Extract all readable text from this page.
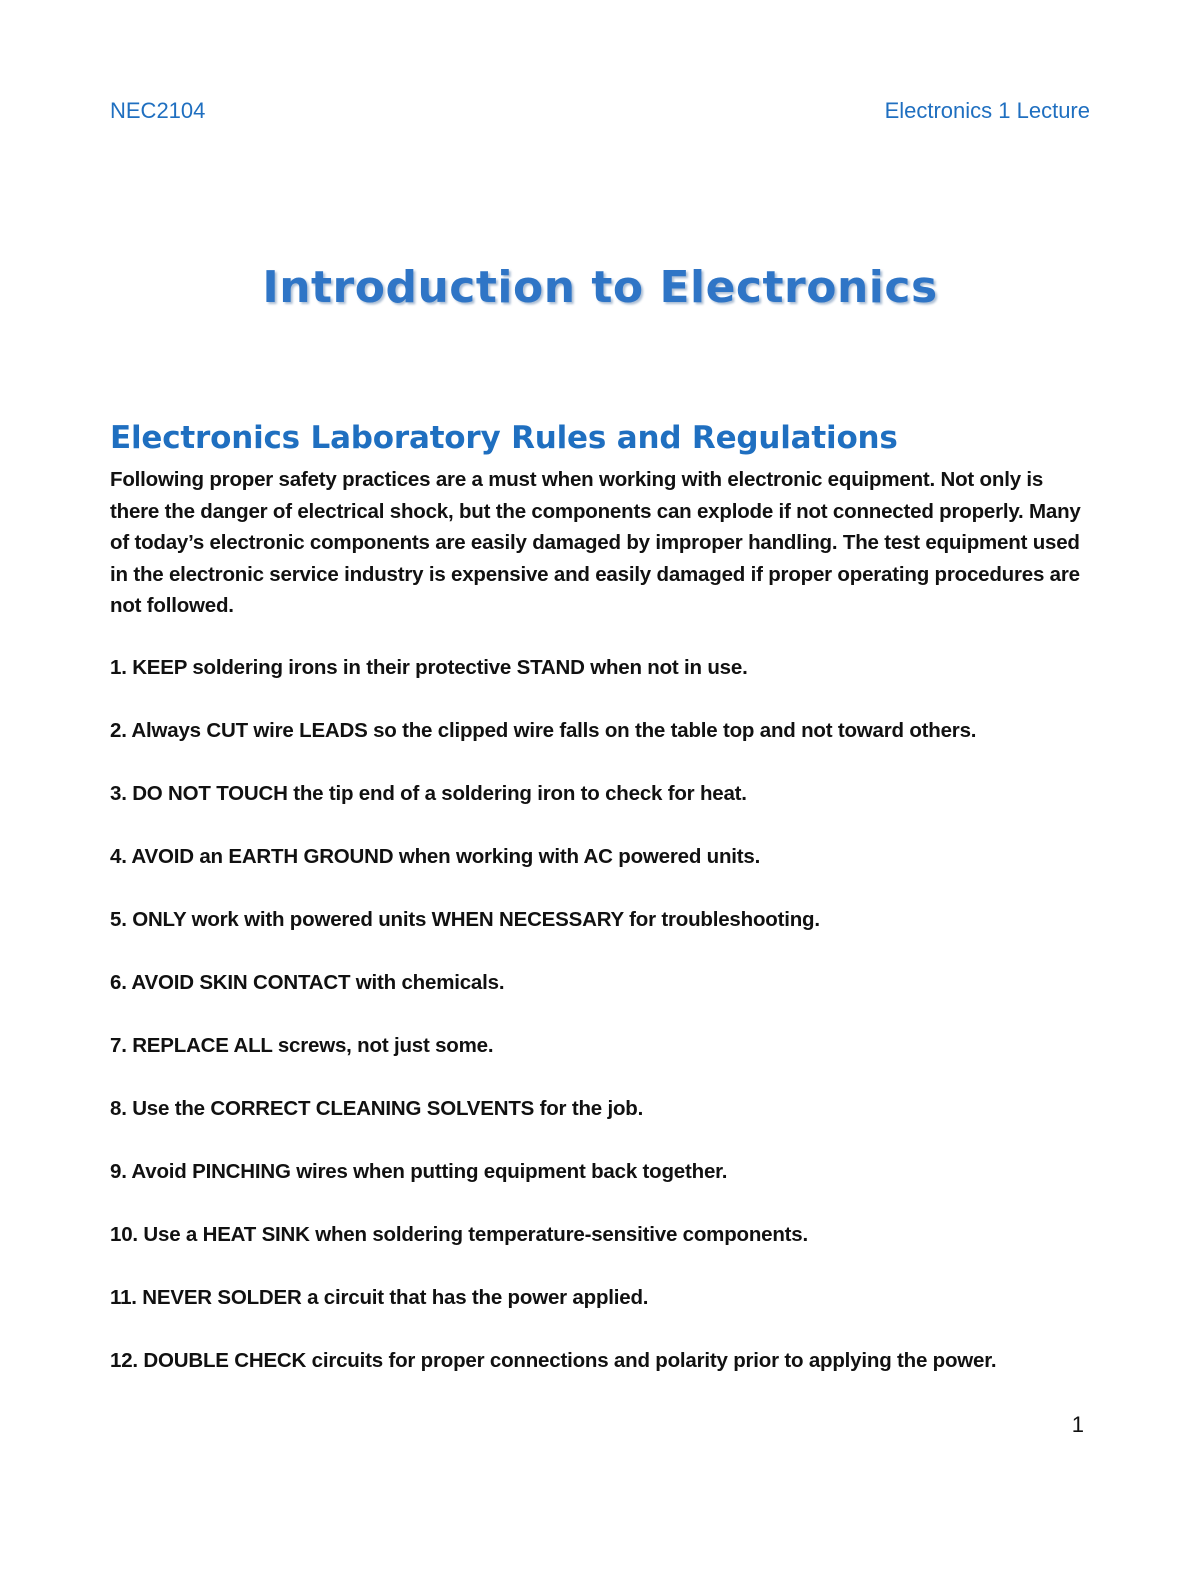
NEC2104	Electronics 1 Lecture
Introduction to Electronics
Electronics Laboratory Rules and Regulations

Following proper safety practices are a must when working with electronic equipment. Not only is there the danger of electrical shock, but the components can explode if not connected properly. Many of today’s electronic components are easily damaged by improper handling. The test equipment used in the electronic service industry is expensive and easily damaged if proper operating procedures are not followed.

1. KEEP soldering irons in their protective STAND when not in use.
2. Always CUT wire LEADS so the clipped wire falls on the table top and not toward others.
3. DO NOT TOUCH the tip end of a soldering iron to check for heat.
4. AVOID an EARTH GROUND when working with AC powered units.
5. ONLY work with powered units WHEN NECESSARY for troubleshooting.
6. AVOID SKIN CONTACT with chemicals.
7. REPLACE ALL screws, not just some.
8. Use the CORRECT CLEANING SOLVENTS for the job.
9. Avoid PINCHING wires when putting equipment back together.
10. Use a HEAT SINK when soldering temperature-sensitive components.
11. NEVER SOLDER a circuit that has the power applied.
12. DOUBLE CHECK circuits for proper connections and polarity prior to applying the power.
1
